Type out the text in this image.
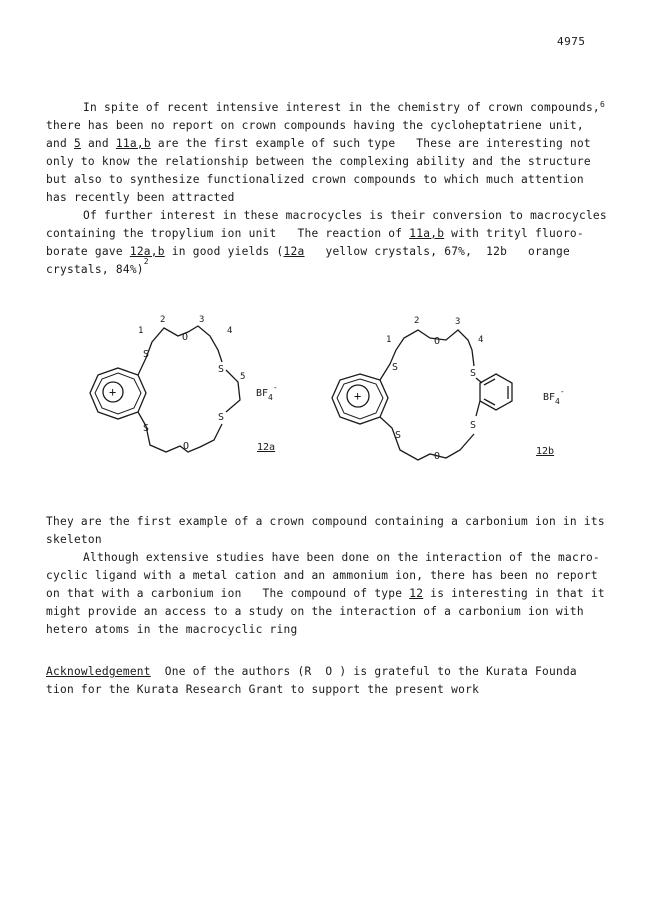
4975
In spite of recent intensive interest in the chemistry of crown compounds,$^6$
there has been no report on crown compounds having the cycloheptatriene unit,
and 5 and 11a,b are the first example of such type   These are interesting not
only to know the relationship between the complexing ability and the structure
but also to synthesize functionalized crown compounds to which much attention
has recently been attracted
Of further interest in these macrocycles is their conversion to macrocycles
containing the tropylium ion unit   The reaction of 11a,b with trityl fluoro-
borate gave 12a,b in good yields (12a   yellow crystals, 67%,  12b   orange
crystals, 84%)$^2$
+
S
O
S
S
S
O
1
2	3
4
5
$BF_4^-$
12a
+
S
O
S
S
S
O
1
2	3
4
$BF_4^-$
12b
They are the first example of a crown compound containing a carbonium ion in its
skeleton
Although extensive studies have been done on the interaction of the macro-
cyclic ligand with a metal cation and an ammonium ion, there has been no report
on that with a carbonium ion   The compound of type 12 is interesting in that it
might provide an access to a study on the interaction of a carbonium ion with
hetero atoms in the macrocyclic ring
Acknowledgement  One of the authors (R  O ) is grateful to the Kurata Founda
tion for the Kurata Research Grant to support the present work
